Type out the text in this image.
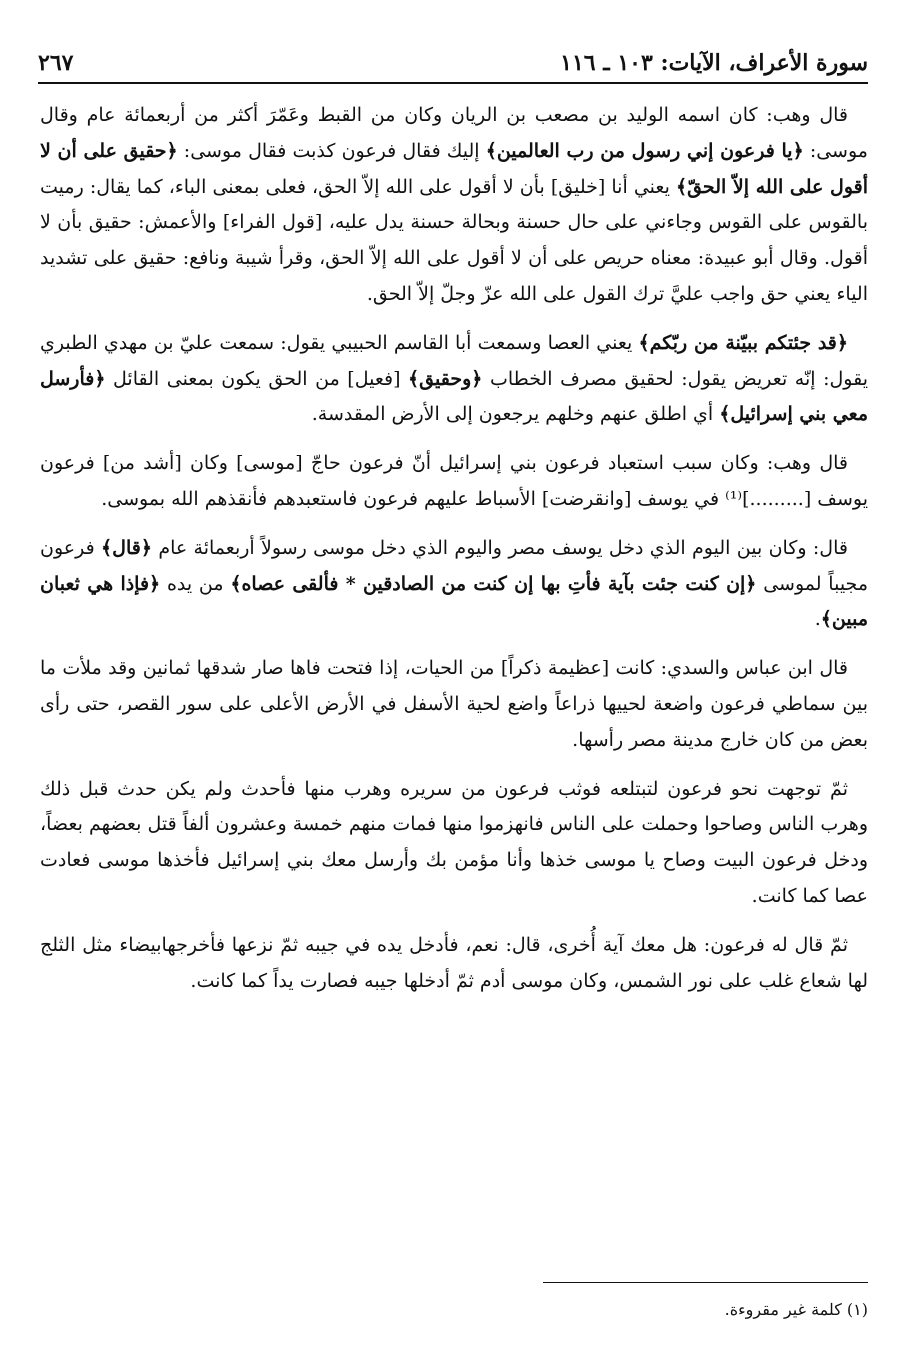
سورة الأعراف، الآيات: ١٠٣ ـ ١١٦
٢٦٧

قال وهب: كان اسمه الوليد بن مصعب بن الريان وكان من القبط وعَمّرَ أكثر من أربعمائة عام وقال موسى: ﴿يا فرعون إني رسول من رب العالمين﴾ إليك فقال فرعون كذبت فقال موسى: ﴿حقيق على أن لا أقول على الله إلاّ الحقّ﴾ يعني أنا [خليق] بأن لا أقول على الله إلاّ الحق، فعلى بمعنى الباء، كما يقال: رميت بالقوس على القوس وجاءني على حال حسنة وبحالة حسنة يدل عليه، [قول الفراء] والأعمش: حقيق بأن لا أقول. وقال أبو عبيدة: معناه حريص على أن لا أقول على الله إلاّ الحق، وقرأ شيبة ونافع: حقيق على تشديد الياء يعني حق واجب عليَّ ترك القول على الله عزّ وجلّ إلاّ الحق.

﴿قد جئتكم ببيّنة من ربّكم﴾ يعني العصا وسمعت أبا القاسم الحبيبي يقول: سمعت عليّ بن مهدي الطبري يقول: إنّه تعريض يقول: لحقيق مصرف الخطاب ﴿وحقيق﴾ [فعيل] من الحق يكون بمعنى القائل ﴿فأرسل معي بني إسرائيل﴾ أي اطلق عنهم وخلهم يرجعون إلى الأرض المقدسة.

قال وهب: وكان سبب استعباد فرعون بني إسرائيل أنّ فرعون حاجّ [موسى] وكان [أشد من] فرعون يوسف [.........]⁽¹⁾ في يوسف [وانقرضت] الأسباط عليهم فرعون فاستعبدهم فأنقذهم الله بموسى.

قال: وكان بين اليوم الذي دخل يوسف مصر واليوم الذي دخل موسى رسولاً أربعمائة عام ﴿قال﴾ فرعون مجيباً لموسى ﴿إن كنت جئت بآية فأتِ بها إن كنت من الصادقين * فألقى عصاه﴾ من يده ﴿فإذا هي ثعبان مبين﴾.

قال ابن عباس والسدي: كانت [عظيمة ذكراً] من الحيات، إذا فتحت فاها صار شدقها ثمانين وقد ملأت ما بين سماطي فرعون واضعة لحييها ذراعاً واضع لحية الأسفل في الأرض الأعلى على سور القصر، حتى رأى بعض من كان خارج مدينة مصر رأسها.

ثمّ توجهت نحو فرعون لتبتلعه فوثب فرعون من سريره وهرب منها فأحدث ولم يكن حدث قبل ذلك وهرب الناس وصاحوا وحملت على الناس فانهزموا منها فمات منهم خمسة وعشرون ألفاً قتل بعضهم بعضاً، ودخل فرعون البيت وصاح يا موسى خذها وأنا مؤمن بك وأرسل معك بني إسرائيل فأخذها موسى فعادت عصا كما كانت.

ثمّ قال له فرعون: هل معك آية أُخرى، قال: نعم، فأدخل يده في جيبه ثمّ نزعها فأخرجهابيضاء مثل الثلج لها شعاع غلب على نور الشمس، وكان موسى أدم ثمّ أدخلها جيبه فصارت يداً كما كانت.

(١) كلمة غير مقروءة.
